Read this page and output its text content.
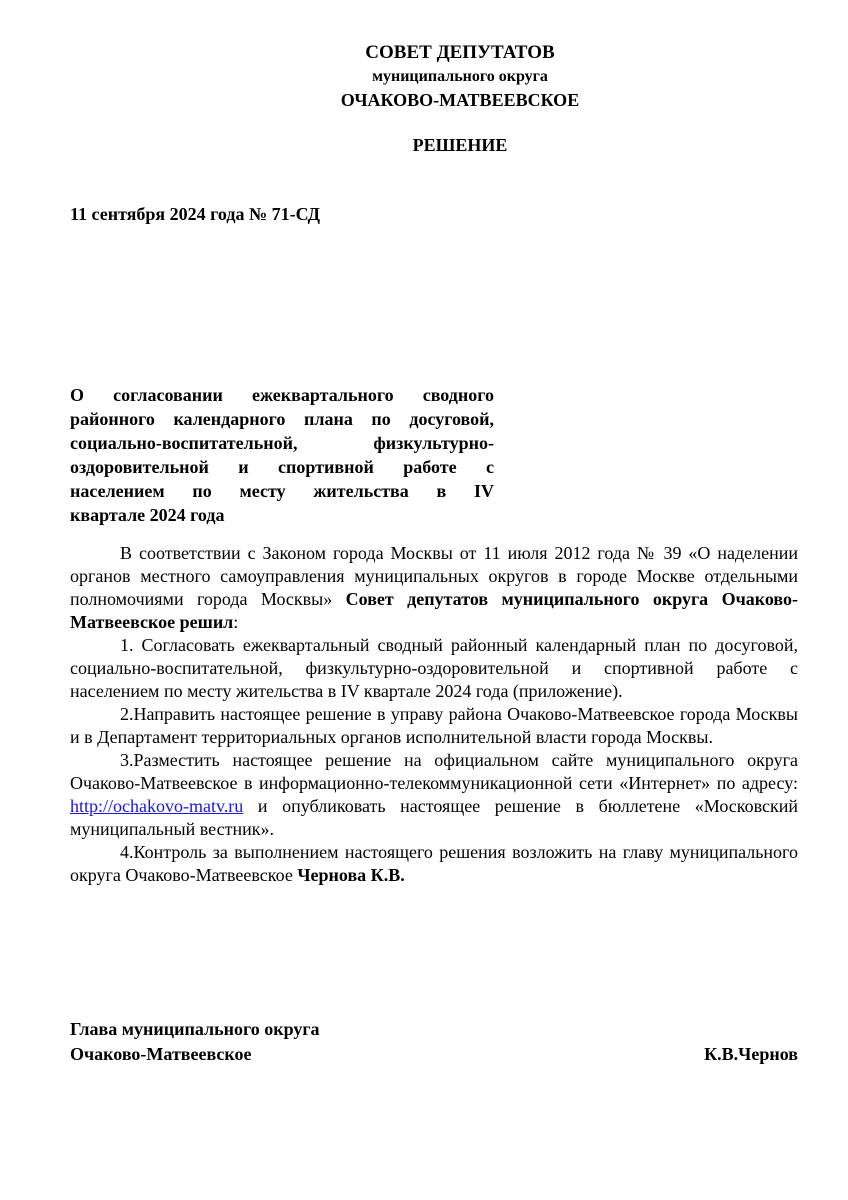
СОВЕТ ДЕПУТАТОВ
муниципального округа
ОЧАКОВО-МАТВЕЕВСКОЕ
РЕШЕНИЕ
11 сентября 2024 года № 71-СД
О согласовании ежеквартального сводного
районного календарного плана по досуговой,
социально-воспитательной, физкультурно-
оздоровительной и спортивной работе с
населением по месту жительства в IV
квартале 2024 года

В соответствии с Законом города Москвы от 11 июля 2012 года № 39 «О наделении органов местного самоуправления муниципальных округов в городе Москве отдельными полномочиями города Москвы» Совет депутатов муниципального округа Очаково-Матвеевское решил:

1. Согласовать ежеквартальный сводный районный календарный план по досуговой, социально-воспитательной, физкультурно-оздоровительной и спортивной работе с населением по месту жительства в IV квартале 2024 года (приложение).

2.Направить настоящее решение в управу района Очаково-Матвеевское города Москвы и в Департамент территориальных органов исполнительной власти города Москвы.

3.Разместить настоящее решение на официальном сайте муниципального округа Очаково-Матвеевское в информационно-телекоммуникационной сети «Интернет» по адресу: http://ochakovo-matv.ru и опубликовать настоящее решение в бюллетене «Московский муниципальный вестник».

4.Контроль за выполнением настоящего решения возложить на главу муниципального округа Очаково-Матвеевское Чернова К.В.

Глава муниципального округа
Очаково-Матвеевское	К.В.Чернов
